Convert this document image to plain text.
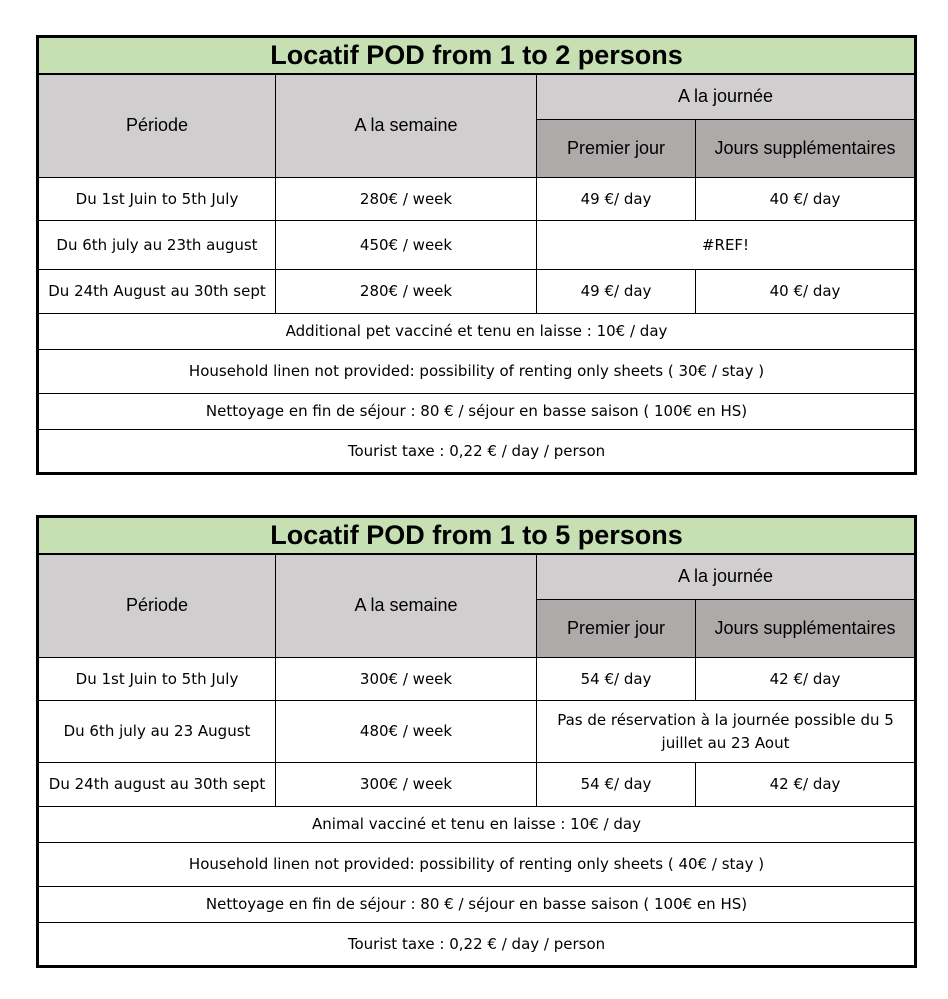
Locatif POD from 1 to 2 persons			
Période	A la semaine	A la journée	
		Premier jour	Jours supplémentaires
Du 1st Juin to 5th July	280€ / week	49 €/ day	40 €/ day
Du 6th july au 23th august	450€ / week	#REF!	
Du 24th August au 30th sept	280€ / week	49 €/ day	40 €/ day
Additional pet vacciné et tenu en laisse : 10€ / day			
Household linen not provided: possibility of renting only sheets ( 30€ / stay )			
Nettoyage en fin de séjour : 80 € / séjour en basse saison ( 100€ en HS)			
Tourist taxe : 0,22 € / day / person			
Locatif POD from 1 to 5 persons			
Période	A la semaine	A la journée	
		Premier jour	Jours supplémentaires
Du 1st Juin to 5th July	300€ / week	54 €/ day	42 €/ day
Du 6th july au 23 August	480€ / week	Pas de réservation à la journée possible du 5 juillet au 23 Aout	
Du 24th august au 30th sept	300€ / week	54 €/ day	42 €/ day
Animal vacciné et tenu en laisse : 10€ / day			
Household linen not provided: possibility of renting only sheets ( 40€ / stay )			
Nettoyage en fin de séjour : 80 € / séjour en basse saison ( 100€ en HS)			
Tourist taxe : 0,22 € / day / person			
